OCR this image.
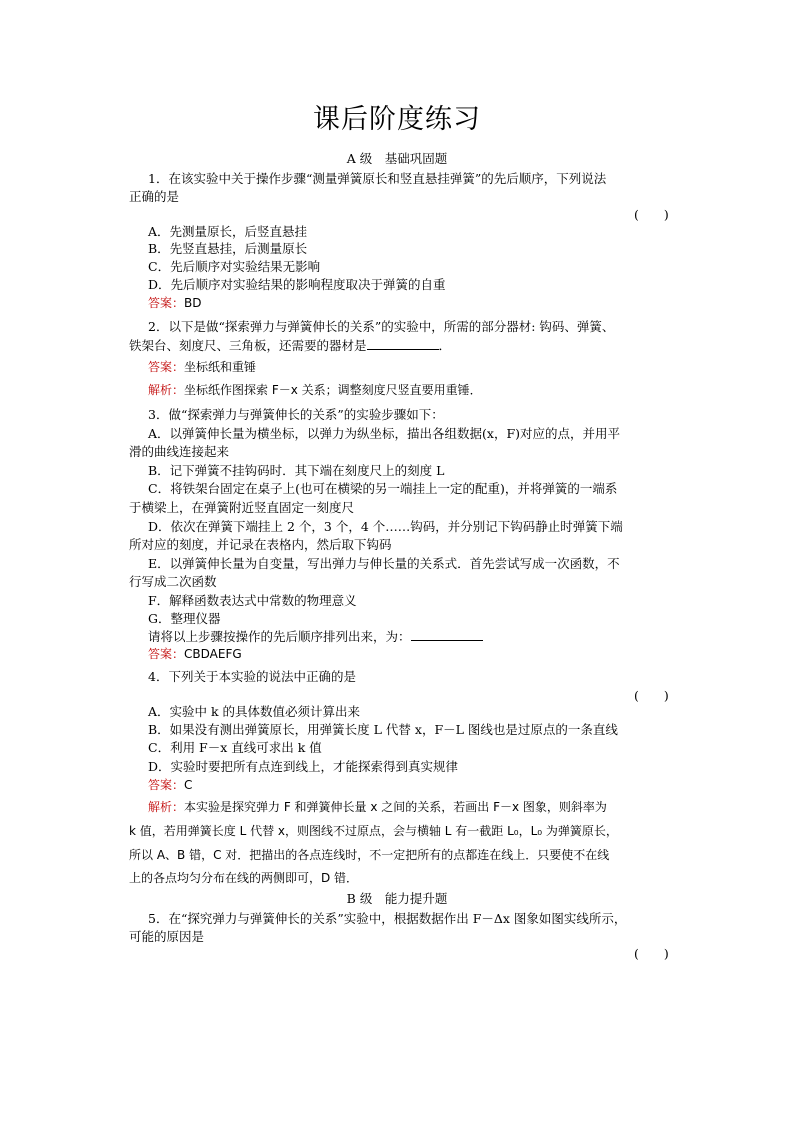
课后阶度练习
A 级　基础巩固题
1．在该实验中关于操作步骤“测量弹簧原长和竖直悬挂弹簧”的先后顺序，下列说法
正确的是
(　　)
A．先测量原长，后竖直悬挂
B．先竖直悬挂，后测量原长
C．先后顺序对实验结果无影响
D．先后顺序对实验结果的影响程度取决于弹簧的自重
答案：BD
2．以下是做“探索弹力与弹簧伸长的关系”的实验中，所需的部分器材: 钩码、弹簧、
铁架台、刻度尺、三角板，还需要的器材是	．
答案：坐标纸和重锤
解析：坐标纸作图探索 F－x 关系；调整刻度尺竖直要用重锤．
3．做“探索弹力与弹簧伸长的关系”的实验步骤如下：
A．以弹簧伸长量为横坐标，以弹力为纵坐标，描出各组数据(x，F)对应的点，并用平
滑的曲线连接起来
B．记下弹簧不挂钩码时．其下端在刻度尺上的刻度 L
C．将铁架台固定在桌子上(也可在横梁的另一端挂上一定的配重)，并将弹簧的一端系
于横梁上，在弹簧附近竖直固定一刻度尺
D．依次在弹簧下端挂上 2 个，3 个，4 个……钩码，并分别记下钩码静止时弹簧下端
所对应的刻度，并记录在表格内，然后取下钩码
E．以弹簧伸长量为自变量，写出弹力与伸长量的关系式．首先尝试写成一次函数，不
行写成二次函数
F．解释函数表达式中常数的物理意义
G．整理仪器
请将以上步骤按操作的先后顺序排列出来，为：
答案：CBDAEFG
4．下列关于本实验的说法中正确的是
(　　)
A．实验中 k 的具体数值必须计算出来
B．如果没有测出弹簧原长，用弹簧长度 L 代替 x，F－L 图线也是过原点的一条直线
C．利用 F－x 直线可求出 k 值
D．实验时要把所有点连到线上，才能探索得到真实规律
答案：C
解析：本实验是探究弹力 F 和弹簧伸长量 x 之间的关系，若画出 F－x 图象，则斜率为
k 值，若用弹簧长度 L 代替 x，则图线不过原点，会与横轴 L 有一截距 L₀，L₀ 为弹簧原长，
所以 A、B 错，C 对．把描出的各点连线时，不一定把所有的点都连在线上．只要使不在线
上的各点均匀分布在线的两侧即可，D 错．
B 级　能力提升题
5．在“探究弹力与弹簧伸长的关系”实验中，根据数据作出 F－Δx 图象如图实线所示，
可能的原因是
(　　)
